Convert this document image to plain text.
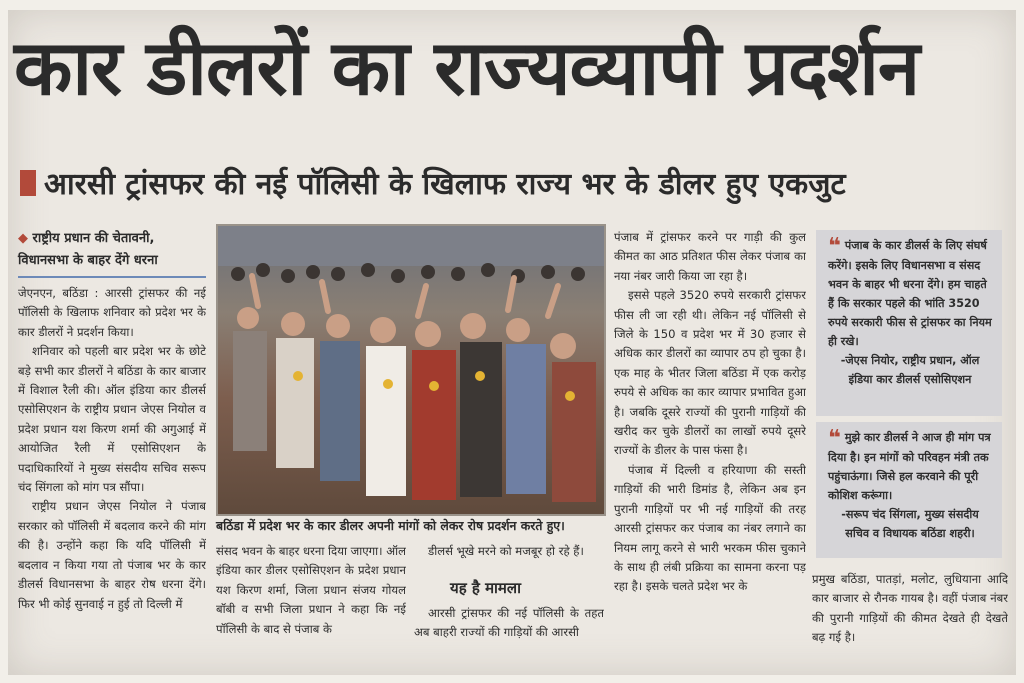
कार डीलरों का राज्यव्यापी प्रदर्शन
आरसी ट्रांसफर की नई पॉलिसी के खिलाफ राज्य भर के डीलर हुए एकजुट
◆ राष्ट्रीय प्रधान की चेतावनी,
विधानसभा के बाहर देंगे धरना

जेएनएन, बठिंडा : आरसी ट्रांसफर की नई पॉलिसी के खिलाफ शनिवार को प्रदेश भर के कार डीलरों ने प्रदर्शन किया।

शनिवार को पहली बार प्रदेश भर के छोटे बड़े सभी कार डीलरों ने बठिंडा के कार बाजार में विशाल रैली की। ऑल इंडिया कार डीलर्स एसोसिएशन के राष्ट्रीय प्रधान जेएस नियोल व प्रदेश प्रधान यश किरण शर्मा की अगुआई में आयोजित रैली में एसोसिएशन के पदाधिकारियों ने मुख्य संसदीय सचिव सरूप चंद सिंगला को मांग पत्र सौंपा।

राष्ट्रीय प्रधान जेएस नियोल ने पंजाब सरकार को पॉलिसी में बदलाव करने की मांग की है। उन्होंने कहा कि यदि पॉलिसी में बदलाव न किया गया तो पंजाब भर के कार डीलर्स विधानसभा के बाहर रोष धरना देंगे। फिर भी कोई सुनवाई न हुई तो दिल्ली में

बठिंडा में प्रदेश भर के कार डीलर अपनी मांगों को लेकर रोष प्रदर्शन करते हुए।

संसद भवन के बाहर धरना दिया जाएगा। ऑल इंडिया कार डीलर एसोसिएशन के प्रदेश प्रधान यश किरण शर्मा, जिला प्रधान संजय गोयल बॉबी व सभी जिला प्रधान ने कहा कि नई पॉलिसी के बाद से पंजाब के

डीलर्स भूखे मरने को मजबूर हो रहे हैं।

यह है मामला

आरसी ट्रांसफर की नई पॉलिसी के तहत अब बाहरी राज्यों की गाड़ियों की आरसी

पंजाब में ट्रांसफर करने पर गाड़ी की कुल कीमत का आठ प्रतिशत फीस लेकर पंजाब का नया नंबर जारी किया जा रहा है।

इससे पहले 3520 रुपये सरकारी ट्रांसफर फीस ली जा रही थी। लेकिन नई पॉलिसी से जिले के 150 व प्रदेश भर में 30 हजार से अधिक कार डीलरों का व्यापार ठप हो चुका है। एक माह के भीतर जिला बठिंडा में एक करोड़ रुपये से अधिक का कार व्यापार प्रभावित हुआ है। जबकि दूसरे राज्यों की पुरानी गाड़ियों की खरीद कर चुके डीलरों का लाखों रुपये दूसरे राज्यों के डीलर के पास फंसा है।

पंजाब में दिल्ली व हरियाणा की सस्ती गाड़ियों की भारी डिमांड है, लेकिन अब इन पुरानी गाड़ियों पर भी नई गाड़ियों की तरह आरसी ट्रांसफर कर पंजाब का नंबर लगाने का नियम लागू करने से भारी भरकम फीस चुकाने के साथ ही लंबी प्रक्रिया का सामना करना पड़ रहा है। इसके चलते प्रदेश भर के

❝ पंजाब के कार डीलर्स के लिए संघर्ष करेंगे। इसके लिए विधानसभा व संसद भवन के बाहर भी धरना देंगे। हम चाहते हैं कि सरकार पहले की भांति 3520 रुपये सरकारी फीस से ट्रांसफर का नियम ही रखे।
-जेएस नियोर, राष्ट्रीय प्रधान, ऑल इंडिया कार डीलर्स एसोसिएशन
❝ मुझे कार डीलर्स ने आज ही मांग पत्र दिया है। इन मांगों को परिवहन मंत्री तक पहुंचाऊंगा। जिसे हल करवाने की पूरी कोशिश करूंगा।
-सरूप चंद सिंगला, मुख्य संसदीय सचिव व विधायक बठिंडा शहरी।

प्रमुख बठिंडा, पातड़ां, मलोट, लुधियाना आदि कार बाजार से रौनक गायब है। वहीं पंजाब नंबर की पुरानी गाड़ियों की कीमत देखते ही देखते बढ़ गई है।
